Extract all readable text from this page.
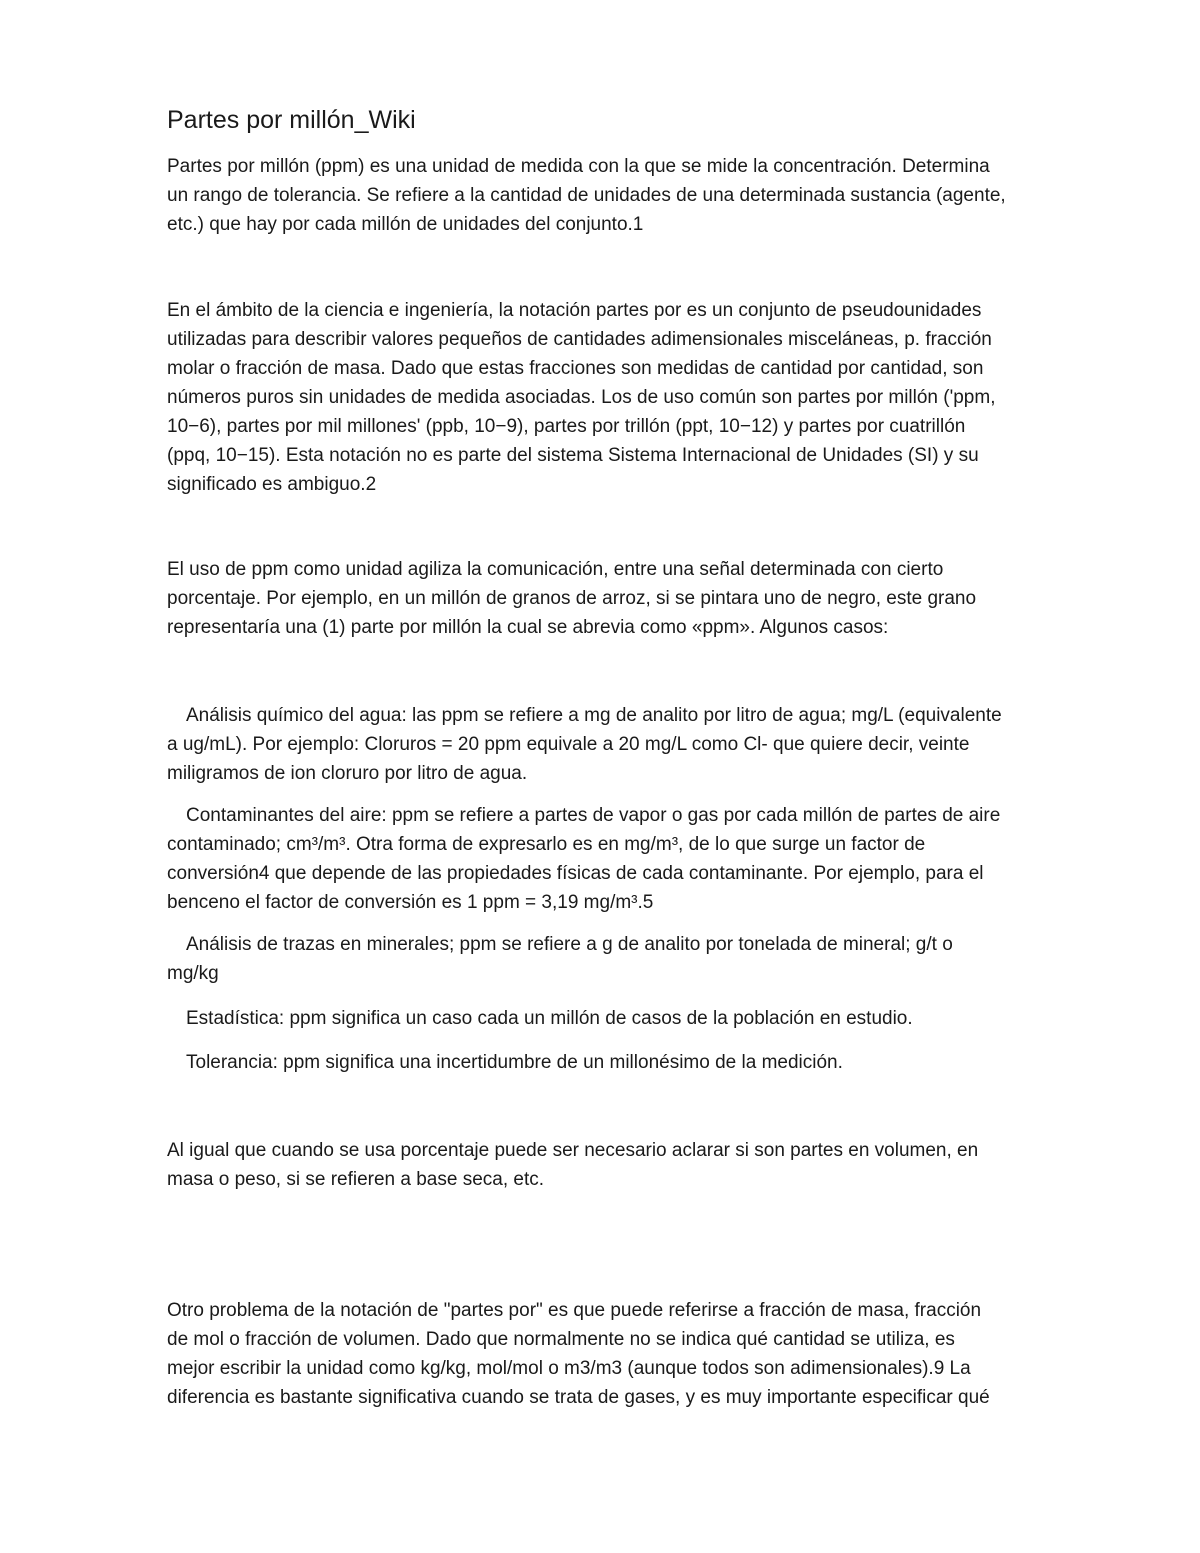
Partes por millón_Wiki

Partes por millón (ppm) es una unidad de medida con la que se mide la concentración. Determina
un rango de tolerancia. Se refiere a la cantidad de unidades de una determinada sustancia (agente,
etc.) que hay por cada millón de unidades del conjunto.1

En el ámbito de la ciencia e ingeniería, la notación partes por es un conjunto de pseudounidades
utilizadas para describir valores pequeños de cantidades adimensionales misceláneas, p. fracción
molar o fracción de masa. Dado que estas fracciones son medidas de cantidad por cantidad, son
números puros sin unidades de medida asociadas. Los de uso común son partes por millón ('ppm,
10−6), partes por mil millones' (ppb, 10−9), partes por trillón (ppt, 10−12) y partes por cuatrillón
(ppq, 10−15). Esta notación no es parte del sistema Sistema Internacional de Unidades (SI) y su
significado es ambiguo.2

El uso de ppm como unidad agiliza la comunicación, entre una señal determinada con cierto
porcentaje. Por ejemplo, en un millón de granos de arroz, si se pintara uno de negro, este grano
representaría una (1) parte por millón la cual se abrevia como «ppm». Algunos casos:

Análisis químico del agua: las ppm se refiere a mg de analito por litro de agua; mg/L (equivalente
a ug/mL). Por ejemplo: Cloruros = 20 ppm equivale a 20 mg/L como Cl- que quiere decir, veinte
miligramos de ion cloruro por litro de agua.

Contaminantes del aire: ppm se refiere a partes de vapor o gas por cada millón de partes de aire
contaminado; cm³/m³. Otra forma de expresarlo es en mg/m³, de lo que surge un factor de
conversión4 que depende de las propiedades físicas de cada contaminante. Por ejemplo, para el
benceno el factor de conversión es 1 ppm = 3,19 mg/m³.5

Análisis de trazas en minerales; ppm se refiere a g de analito por tonelada de mineral; g/t o
mg/kg

Estadística: ppm significa un caso cada un millón de casos de la población en estudio.

Tolerancia: ppm significa una incertidumbre de un millonésimo de la medición.

Al igual que cuando se usa porcentaje puede ser necesario aclarar si son partes en volumen, en
masa o peso, si se refieren a base seca, etc.

Otro problema de la notación de "partes por" es que puede referirse a fracción de masa, fracción
de mol o fracción de volumen. Dado que normalmente no se indica qué cantidad se utiliza, es
mejor escribir la unidad como kg/kg, mol/mol o m3/m3 (aunque todos son adimensionales).9 La
diferencia es bastante significativa cuando se trata de gases, y es muy importante especificar qué
